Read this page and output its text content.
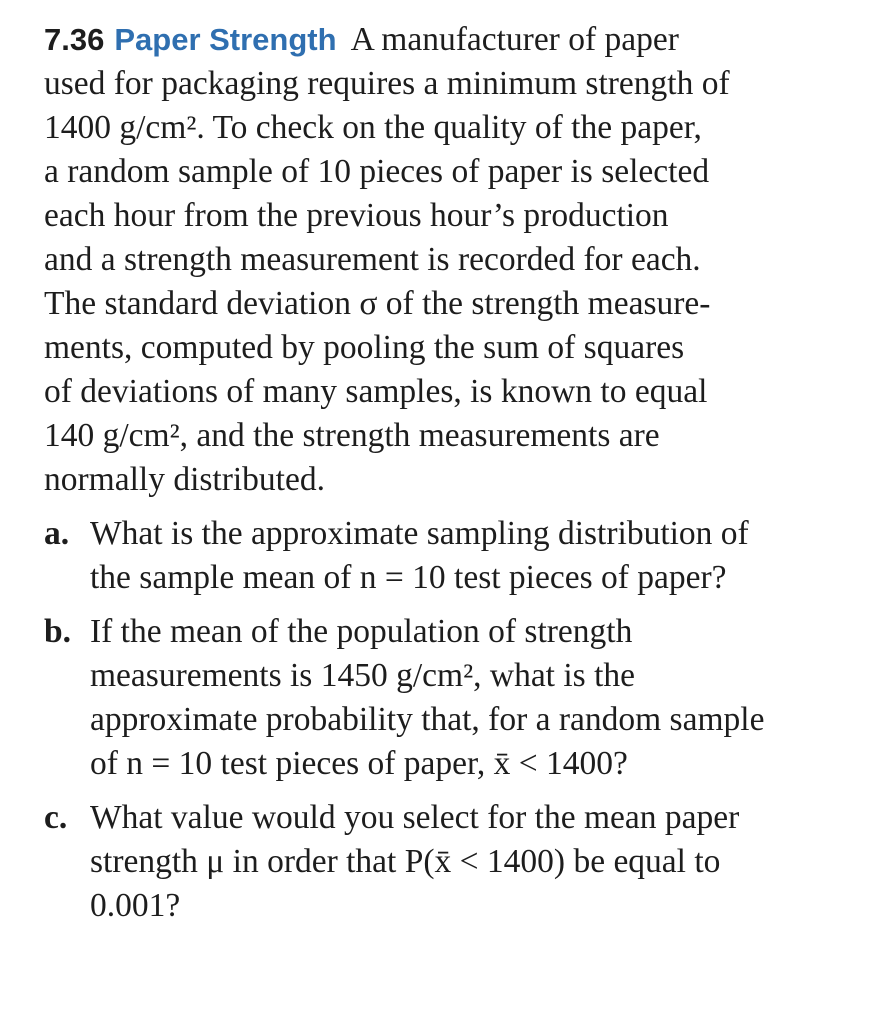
7.36 Paper Strength A manufacturer of paper
used for packaging requires a minimum strength of
1400 g/cm². To check on the quality of the paper,
a random sample of 10 pieces of paper is selected
each hour from the previous hour’s production
and a strength measurement is recorded for each.
The standard deviation σ of the strength measure-
ments, computed by pooling the sum of squares
of deviations of many samples, is known to equal
140 g/cm², and the strength measurements are
normally distributed.
a. What is the approximate sampling distribution of
the sample mean of n = 10 test pieces of paper?
b. If the mean of the population of strength
measurements is 1450 g/cm², what is the
approximate probability that, for a random sample
of n = 10 test pieces of paper, x̄ < 1400?
c. What value would you select for the mean paper
strength μ in order that P(x̄ < 1400) be equal to
0.001?
